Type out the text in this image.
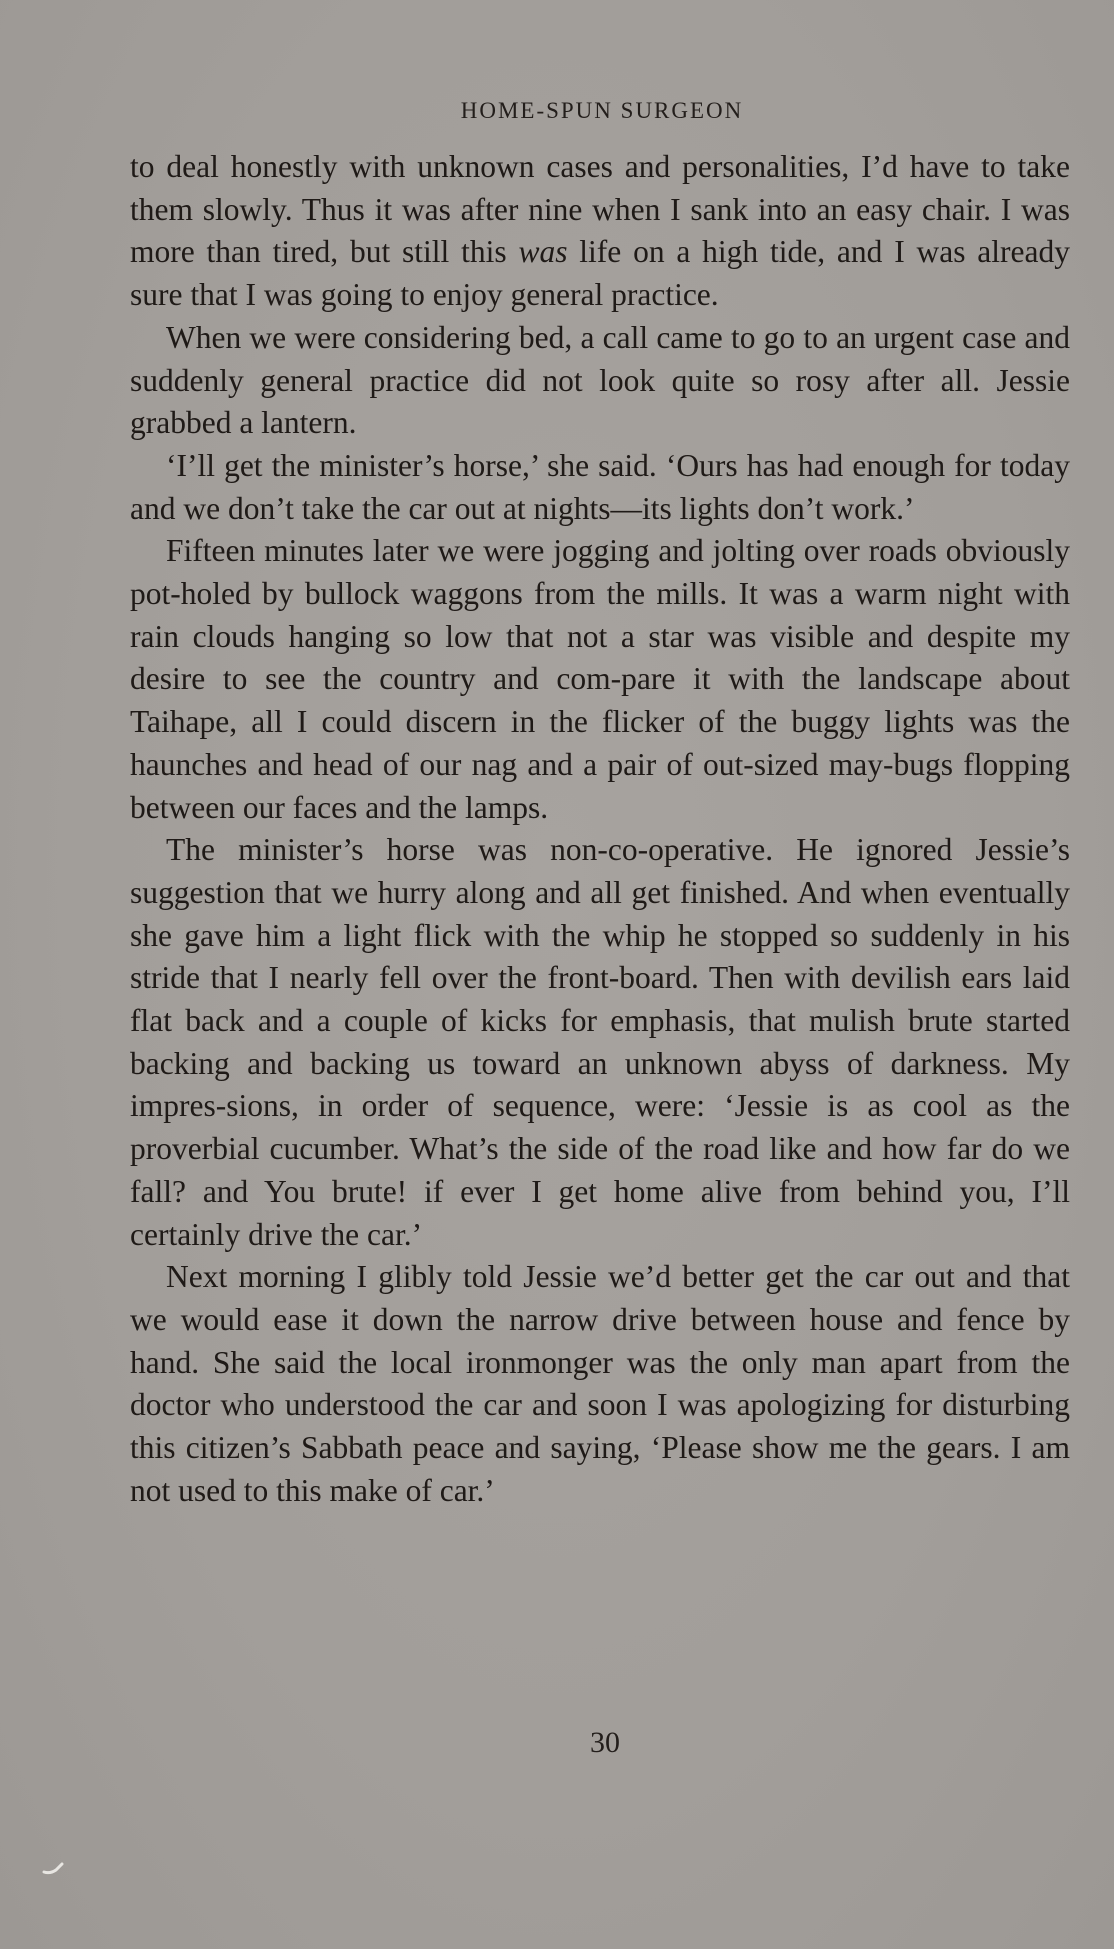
HOME-SPUN SURGEON

to deal honestly with unknown cases and personalities, I’d have to take them slowly. Thus it was after nine when I sank into an easy chair. I was more than tired, but still this was life on a high tide, and I was already sure that I was going to enjoy general practice.

When we were considering bed, a call came to go to an urgent case and suddenly general practice did not look quite so rosy after all. Jessie grabbed a lantern.

‘I’ll get the minister’s horse,’ she said. ‘Ours has had enough for today and we don’t take the car out at nights—its lights don’t work.’

Fifteen minutes later we were jogging and jolting over roads obviously pot-holed by bullock waggons from the mills. It was a warm night with rain clouds hanging so low that not a star was visible and despite my desire to see the country and com-pare it with the landscape about Taihape, all I could discern in the flicker of the buggy lights was the haunches and head of our nag and a pair of out-sized may-bugs flopping between our faces and the lamps.

The minister’s horse was non-co-operative. He ignored Jessie’s suggestion that we hurry along and all get finished. And when eventually she gave him a light flick with the whip he stopped so suddenly in his stride that I nearly fell over the front-board. Then with devilish ears laid flat back and a couple of kicks for emphasis, that mulish brute started backing and backing us toward an unknown abyss of darkness. My impres-sions, in order of sequence, were: ‘Jessie is as cool as the proverbial cucumber. What’s the side of the road like and how far do we fall? and You brute! if ever I get home alive from behind you, I’ll certainly drive the car.’

Next morning I glibly told Jessie we’d better get the car out and that we would ease it down the narrow drive between house and fence by hand. She said the local ironmonger was the only man apart from the doctor who understood the car and soon I was apologizing for disturbing this citizen’s Sabbath peace and saying, ‘Please show me the gears. I am not used to this make of car.’

30
